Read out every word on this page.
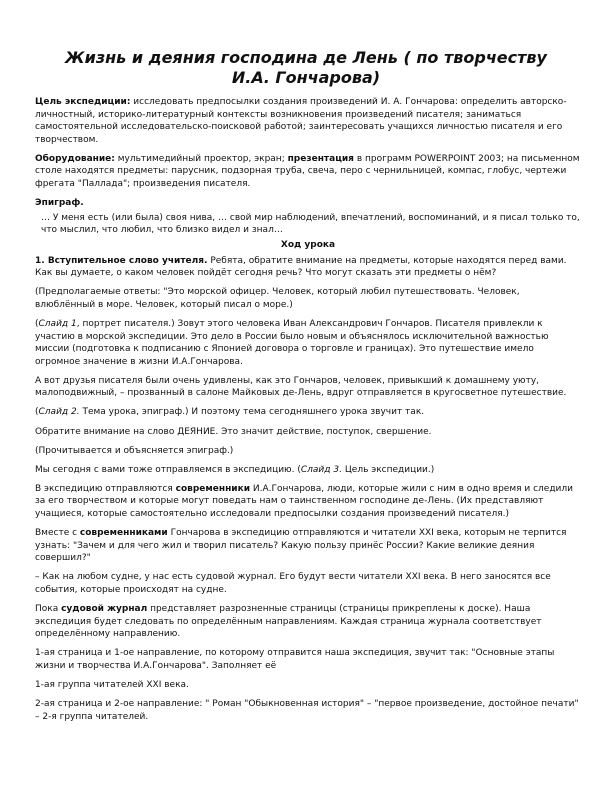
Жизнь и деяния господина де Лень ( по творчеству
И.А. Гончарова)

Цель экспедиции: исследовать предпосылки создания произведений И. А. Гончарова: определить авторско-личностный, историко-литературный контексты возникновения произведений писателя; заниматься самостоятельной исследовательско-поисковой работой; заинтересовать учащихся личностью писателя и его творчеством.

Оборудование: мультимедийный проектор, экран; презентация в программ POWERPOINT 2003; на письменном столе находятся предметы: парусник, подзорная труба, свеча, перо с чернильницей, компас, глобус, чертежи фрегата "Паллада"; произведения писателя.

Эпиграф.

… У меня есть (или была) своя нива, … свой мир наблюдений, впечатлений, воспоминаний, и я писал только то, что мыслил, что любил, что близко видел и знал…

Ход урока

1. Вступительное слово учителя. Ребята, обратите внимание на предметы, которые находятся перед вами. Как вы думаете, о каком человек пойдёт сегодня речь? Что могут сказать эти предметы о нём?

(Предполагаемые ответы: "Это морской офицер. Человек, который любил путешествовать. Человек, влюблённый в море. Человек, который писал о море.)

(Слайд 1, портрет писателя.) Зовут этого человека Иван Александрович Гончаров. Писателя привлекли к участию в морской экспедиции. Это дело в России было новым и объяснялось исключительной важностью миссии (подготовка к подписанию с Японией договора о торговле и границах). Это путешествие имело огромное значение в жизни И.А.Гончарова.

А вот друзья писателя были очень удивлены, как это Гончаров, человек, привыкший к домашнему уюту, малоподвижный, – прозванный в салоне Майковых де-Лень, вдруг отправляется в кругосветное путешествие.

(Слайд 2. Тема урока, эпиграф.) И поэтому тема сегодняшнего урока звучит так.

Обратите внимание на слово ДЕЯНИЕ. Это значит действие, поступок, свершение.

(Прочитывается и объясняется эпиграф.)

Мы сегодня с вами тоже отправляемся в экспедицию. (Слайд 3. Цель экспедиции.)

В экспедицию отправляются современники И.А.Гончарова, люди, которые жили с ним в одно время и следили за его творчеством и которые могут поведать нам о таинственном господине де-Лень. (Их представляют учащиеся, которые самостоятельно исследовали предпосылки создания произведений писателя.)

Вместе с современниками Гончарова в экспедицию отправляются и читатели XXI века, которым не терпится узнать: "Зачем и для чего жил и творил писатель? Какую пользу принёс России? Какие великие деяния совершил?"

– Как на любом судне, у нас есть судовой журнал. Его будут вести читатели XXI века. В него заносятся все события, которые происходят на судне.

Пока судовой журнал представляет разрозненные страницы (страницы прикреплены к доске). Наша экспедиция будет следовать по определённым направлениям. Каждая страница журнала соответствует определённому направлению.

1-ая страница и 1-ое направление, по которому отправится наша экспедиция, звучит так: "Основные этапы жизни и творчества И.А.Гончарова". Заполняет её

1-ая группа читателей XXI века.

2-ая страница и 2-ое направление: " Роман "Обыкновенная история" – "первое произведение, достойное печати" – 2-я группа читателей.
